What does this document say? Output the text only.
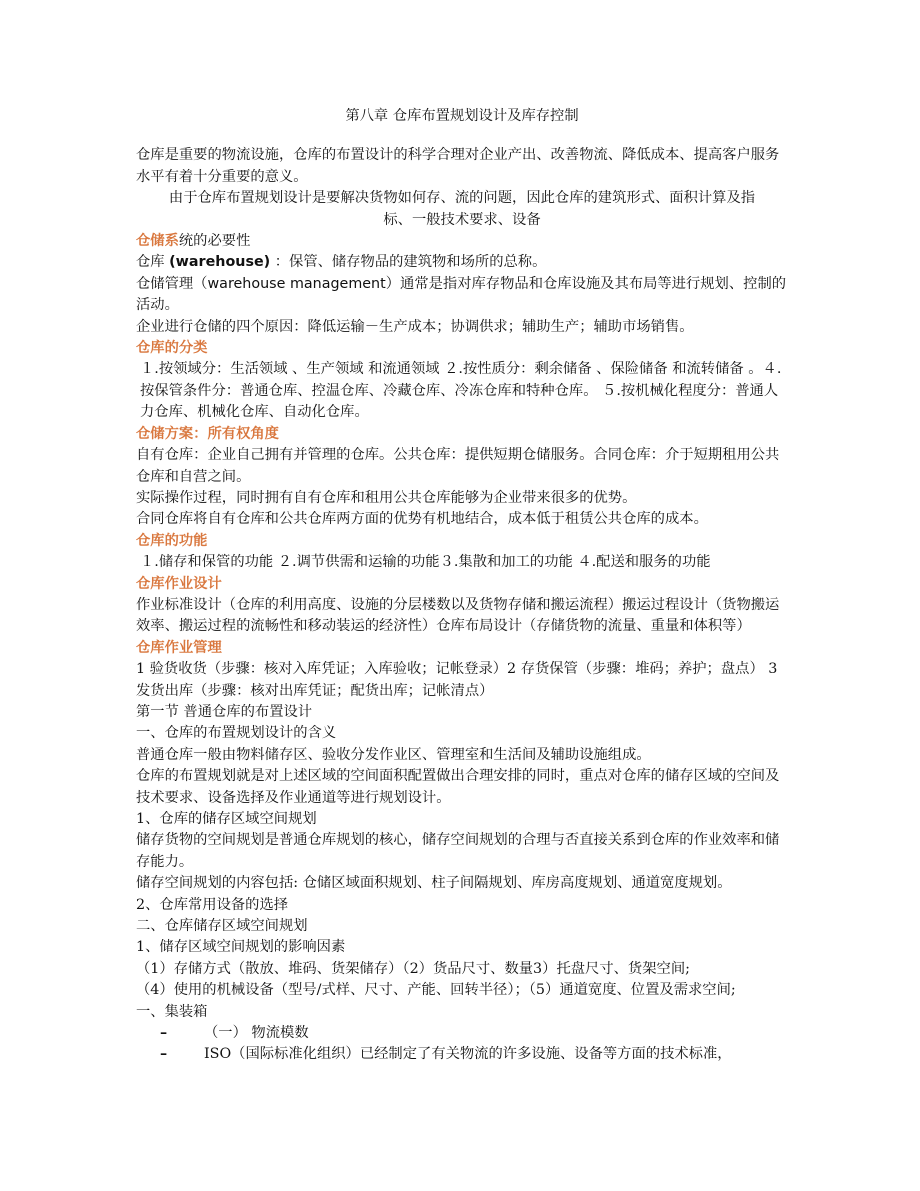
第八章 仓库布置规划设计及库存控制

仓库是重要的物流设施，仓库的布置设计的科学合理对企业产出、改善物流、降低成本、提高客户服务水平有着十分重要的意义。

由于仓库布置规划设计是要解决货物如何存、流的问题，因此仓库的建筑形式、面积计算及指

标、一般技术要求、设备

仓储系统的必要性

仓库 (warehouse) ：保管、储存物品的建筑物和场所的总称。

仓储管理（warehouse management）通常是指对库存物品和仓库设施及其布局等进行规划、控制的活动。

企业进行仓储的四个原因：降低运输－生产成本；协调供求；辅助生产；辅助市场销售。

仓库的分类

１.按领域分：生活领域 、生产领域 和流通领域 ２.按性质分：剩余储备 、保险储备 和流转储备 。４.按保管条件分：普通仓库、控温仓库、冷藏仓库、冷冻仓库和特种仓库。 ５.按机械化程度分：普通人力仓库、机械化仓库、自动化仓库。

仓储方案：所有权角度

自有仓库：企业自己拥有并管理的仓库。公共仓库：提供短期仓储服务。合同仓库：介于短期租用公共仓库和自营之间。

实际操作过程，同时拥有自有仓库和租用公共仓库能够为企业带来很多的优势。

合同仓库将自有仓库和公共仓库两方面的优势有机地结合，成本低于租赁公共仓库的成本。

仓库的功能

１.储存和保管的功能 ２.调节供需和运输的功能３.集散和加工的功能 ４.配送和服务的功能

仓库作业设计

作业标准设计（仓库的利用高度、设施的分层楼数以及货物存储和搬运流程）搬运过程设计（货物搬运效率、搬运过程的流畅性和移动装运的经济性）仓库布局设计（存储货物的流量、重量和体积等）

仓库作业管理

1 验货收货（步骤：核对入库凭证；入库验收；记帐登录）2 存货保管（步骤：堆码；养护；盘点） 3 发货出库（步骤：核对出库凭证；配货出库；记帐清点）

第一节 普通仓库的布置设计

一、仓库的布置规划设计的含义

普通仓库一般由物料储存区、验收分发作业区、管理室和生活间及辅助设施组成。

仓库的布置规划就是对上述区域的空间面积配置做出合理安排的同时，重点对仓库的储存区域的空间及技术要求、设备选择及作业通道等进行规划设计。

1、仓库的储存区域空间规划

储存货物的空间规划是普通仓库规划的核心，储存空间规划的合理与否直接关系到仓库的作业效率和储存能力。

储存空间规划的内容包括: 仓储区域面积规划、柱子间隔规划、库房高度规划、通道宽度规划。

2、仓库常用设备的选择

二、仓库储存区域空间规划

1、储存区域空间规划的影响因素

（1）存储方式（散放、堆码、货架储存）（2）货品尺寸、数量3）托盘尺寸、货架空间;

（4）使用的机械设备（型号/式样、尺寸、产能、回转半径）；（5）通道宽度、位置及需求空间;

一、集装箱

–	（一） 物流模数
–	ISO（国际标准化组织）已经制定了有关物流的许多设施、设备等方面的技术标准，
